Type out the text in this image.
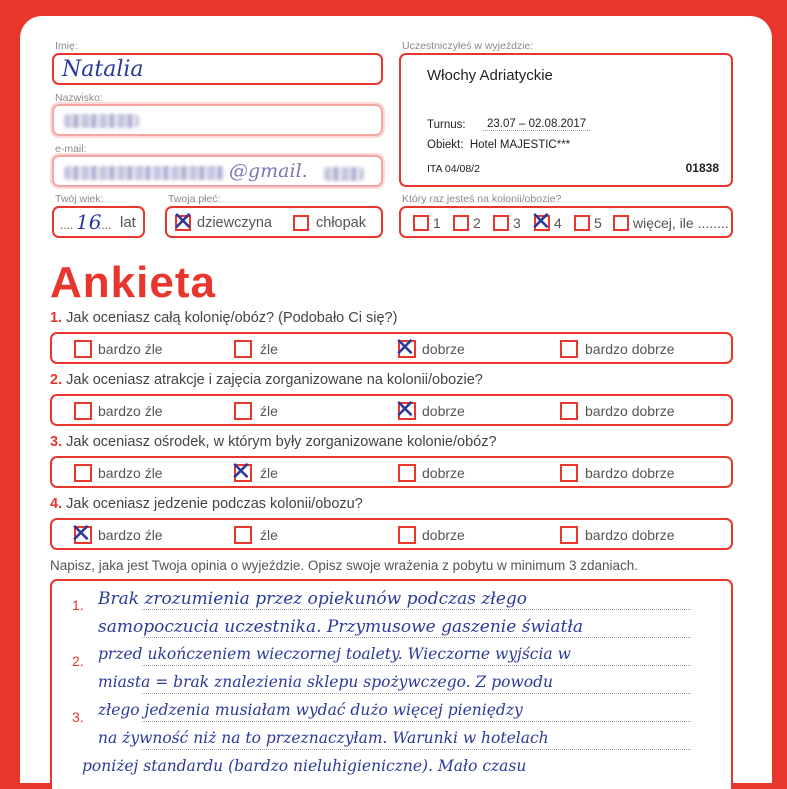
Imię:
Natalia
Nazwisko:
e-mail:
@gmail.
Twój wiek:
.... 16
.... lat
Twoja płeć:
✕ dziewczyna	chłopak
Uczestniczyłeś w wyjeździe:
Włochy Adriatyckie
Turnus:	23.07 – 02.08.2017
Obiekt:  Hotel MAJESTIC***
ITA 04/08/2	01838
Który raz jesteś na kolonii/obozie?
1 2 3 ✕ 4 5 więcej, ile ........
Ankieta
1. Jak oceniasz całą kolonię/obóz? (Podobało Ci się?)
bardzo źle	źle	✕ dobrze	bardzo dobrze
2. Jak oceniasz atrakcje i zajęcia zorganizowane na kolonii/obozie?
bardzo źle	źle	✕ dobrze	bardzo dobrze
3. Jak oceniasz ośrodek, w którym były zorganizowane kolonie/obóz?
bardzo źle	✕ źle	dobrze	bardzo dobrze
4. Jak oceniasz jedzenie podczas kolonii/obozu?
✕ bardzo źle	źle	dobrze	bardzo dobrze
Napisz, jaka jest Twoja opinia o wyjeździe. Opisz swoje wrażenia z pobytu w minimum 3 zdaniach.
1.
2.
3.
Brak zrozumienia przez opiekunów podczas złego
samopoczucia uczestnika. Przymusowe gaszenie światła
przed ukończeniem wieczornej toalety. Wieczorne wyjścia w
miasta = brak znalezienia sklepu spożywczego. Z powodu
złego jedzenia musiałam wydać dużo więcej pieniędzy
na żywność niż na to przeznaczyłam. Warunki w hotelach
poniżej standardu (bardzo nieluhigieniczne). Mało czasu
